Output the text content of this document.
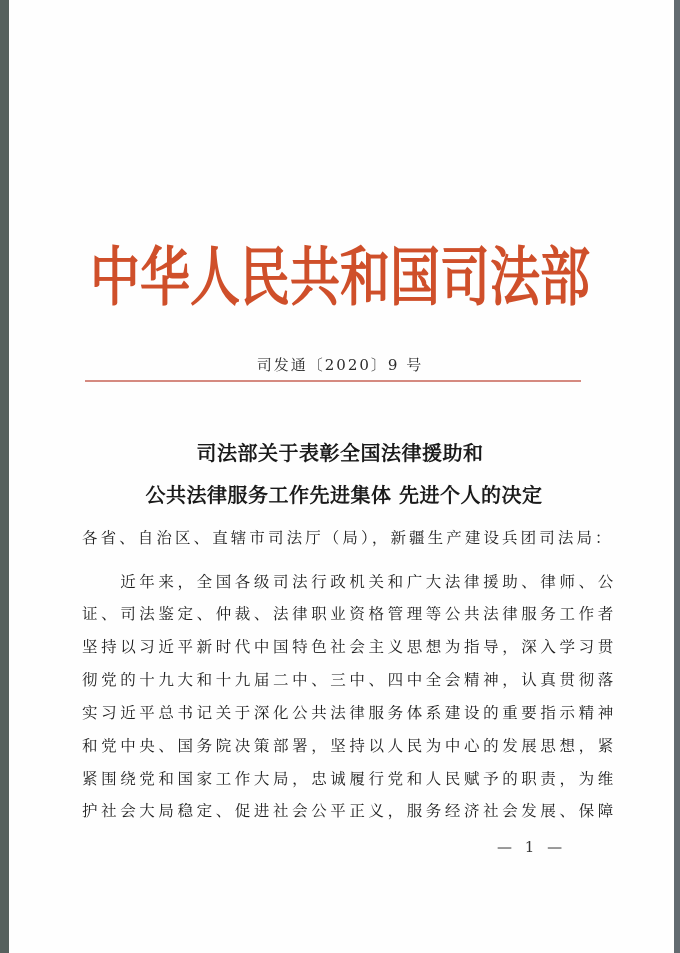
中华人民共和国司法部
司发通〔2020〕9 号
司法部关于表彰全国法律援助和
公共法律服务工作先进集体 先进个人的决定
各省、自治区、直辖市司法厅（局），新疆生产建设兵团司法局：
　　近年来，全国各级司法行政机关和广大法律援助、律师、公
证、司法鉴定、仲裁、法律职业资格管理等公共法律服务工作者
坚持以习近平新时代中国特色社会主义思想为指导，深入学习贯
彻党的十九大和十九届二中、三中、四中全会精神，认真贯彻落
实习近平总书记关于深化公共法律服务体系建设的重要指示精神
和党中央、国务院决策部署，坚持以人民为中心的发展思想，紧
紧围绕党和国家工作大局，忠诚履行党和人民赋予的职责，为维
— 1 —
护社会大局稳定、促进社会公平正义，服务经济社会发展、保障
